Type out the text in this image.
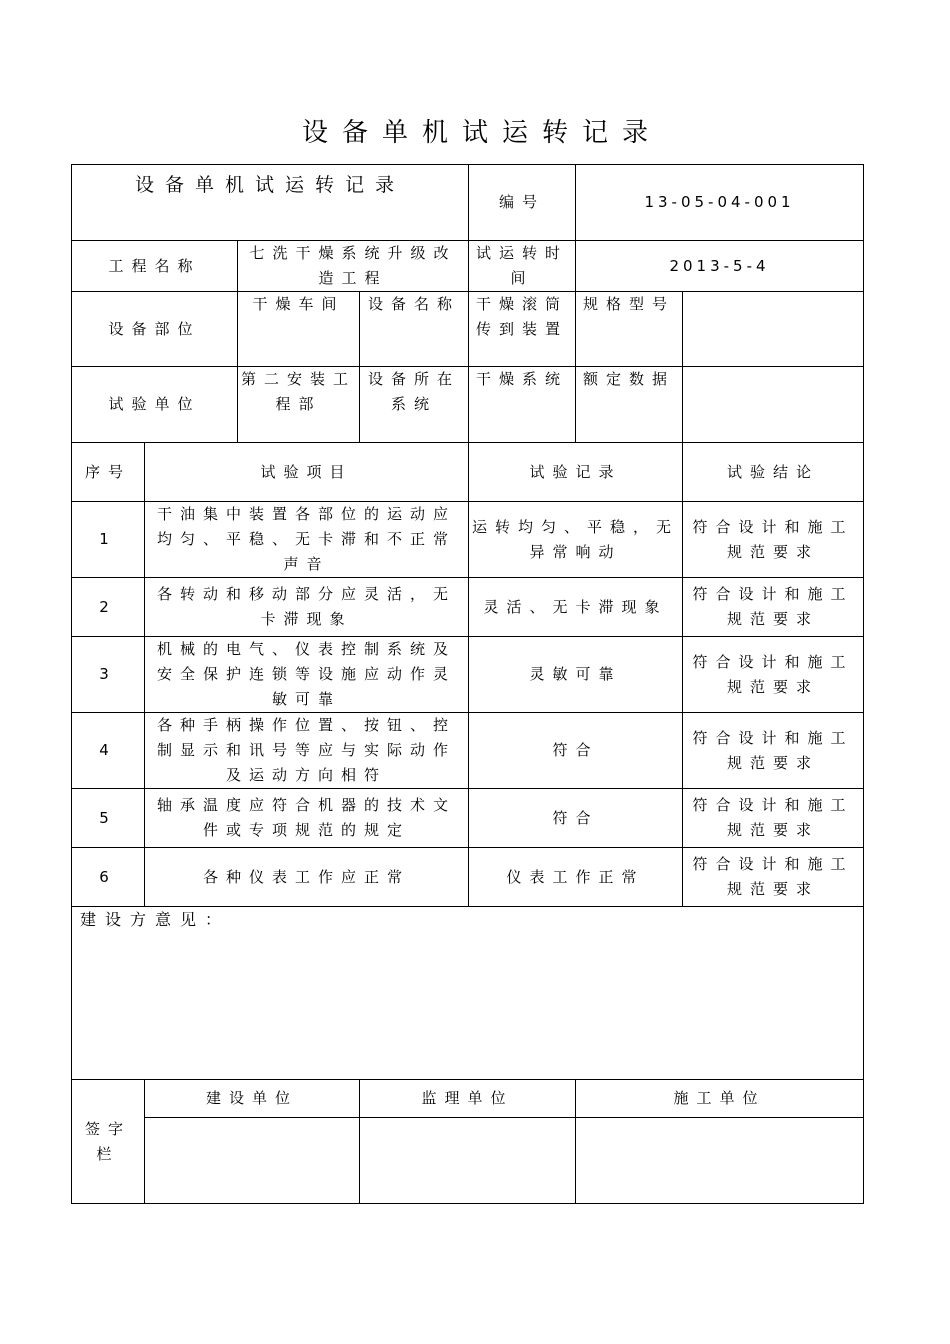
设备单机试运转记录
设备单机试运转记录				编号	13-05-04-001	
工程名称		七洗干燥系统升级改造工程		试运转时间	2013-5-4	
设备部位		干燥车间	设备名称	干燥滚筒传到装置	规格型号	
试验单位		第二安装工程部	设备所在系统	干燥系统	额定数据	
序号	试验项目			试验记录		试验结论
1	干油集中装置各部位的运动应均匀、平稳、无卡滞和不正常声音			运转均匀、平稳，无异常响动		符合设计和施工规范要求
2	各转动和移动部分应灵活，无卡滞现象			灵活、无卡滞现象		符合设计和施工规范要求
3	机械的电气、仪表控制系统及安全保护连锁等设施应动作灵敏可靠			灵敏可靠		符合设计和施工规范要求
4	各种手柄操作位置、按钮、控制显示和讯号等应与实际动作及运动方向相符			符合		符合设计和施工规范要求
5	轴承温度应符合机器的技术文件或专项规范的规定			符合		符合设计和施工规范要求
6	各种仪表工作应正常			仪表工作正常		符合设计和施工规范要求
建设方意见：						
签字栏	建设单位		监理单位		施工单位	
